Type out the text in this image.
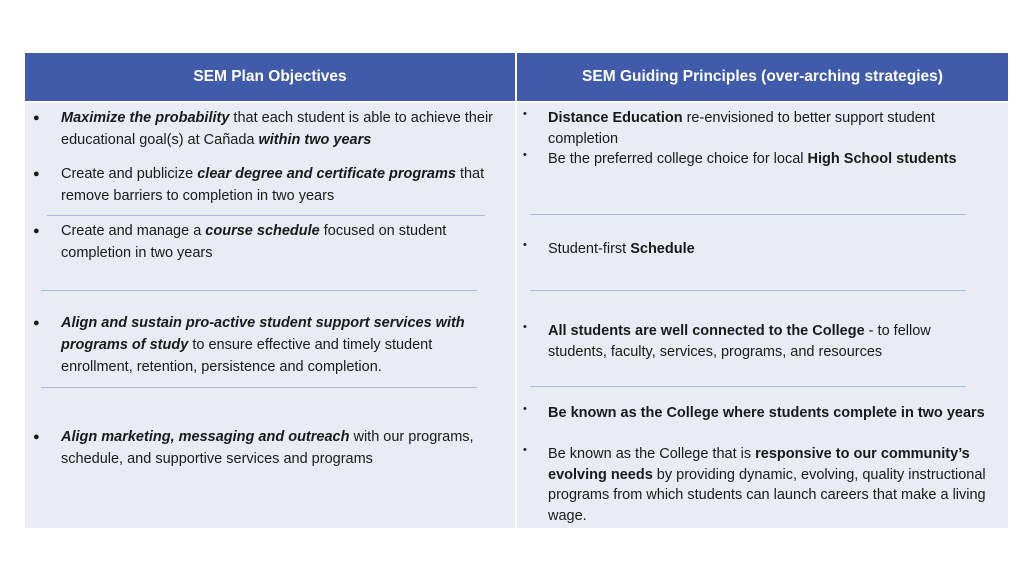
SEM Plan Objectives	SEM Guiding Principles (over-arching strategies)
● Maximize the probability that each student is able to achieve their educational goal(s) at Cañada within two years
● Create and publicize clear degree and certificate programs that remove barriers to completion in two years
● Create and manage a course schedule focused on student completion in two years
● Align and sustain pro-active student support services with programs of study to ensure effective and timely student enrollment, retention, persistence and completion.
● Align marketing, messaging and outreach with our programs, schedule, and supportive services and programs
• Distance Education re-envisioned to better support student completion
• Be the preferred college choice for local High School students
• Student-first Schedule
• All students are well connected to the College - to fellow students, faculty, services, programs, and resources
• Be known as the College where students complete in two years
• Be known as the College that is responsive to our community’s evolving needs by providing dynamic, evolving, quality instructional programs from which students can launch careers that make a living wage.
